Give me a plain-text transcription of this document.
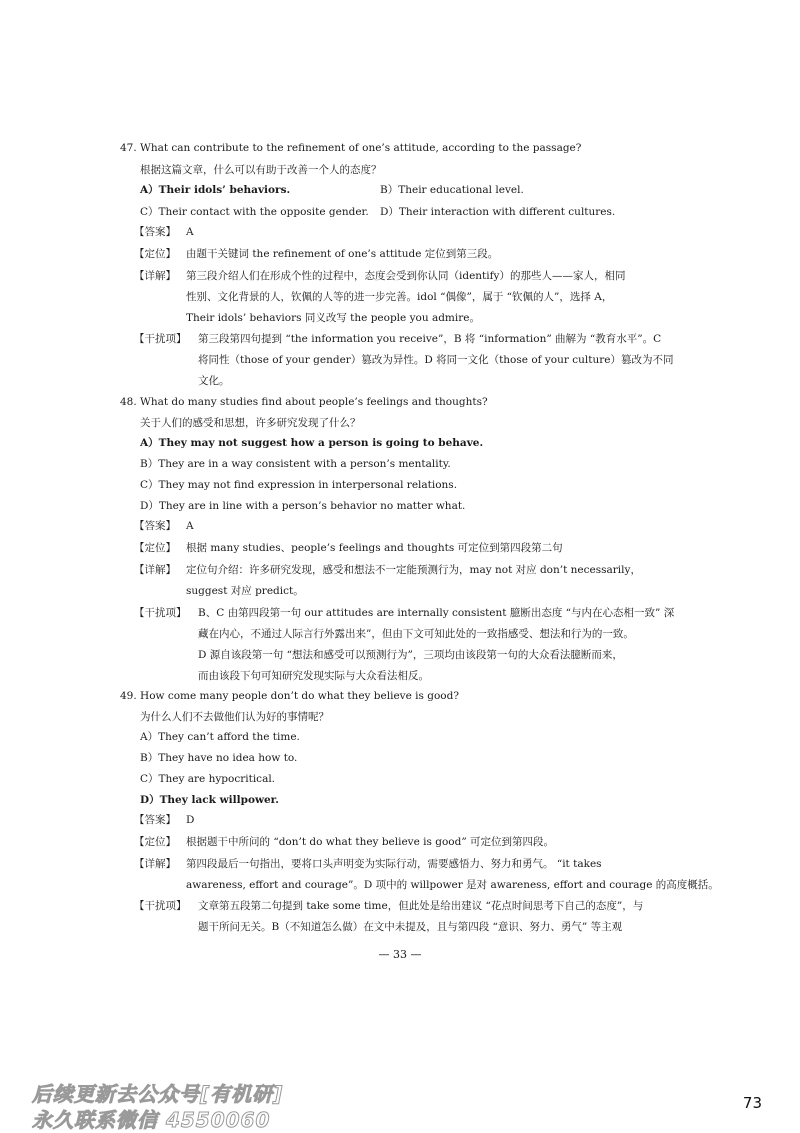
47. What can contribute to the refinement of one’s attitude, according to the passage?
根据这篇文章，什么可以有助于改善一个人的态度？
A）Their idols’ behaviors.	B）Their educational level.
C）Their contact with the opposite gender. D）Their interaction with different cultures.
【答案】 A
【定位】 由题干关键词 the refinement of one’s attitude 定位到第三段。
【详解】 第三段介绍人们在形成个性的过程中，态度会受到你认同（identify）的那些人——家人，相同
性别、文化背景的人，钦佩的人等的进一步完善。idol “偶像”，属于 “钦佩的人”，选择 A，
Their idols’ behaviors 同义改写 the people you admire。
【干扰项】 第三段第四句提到 “the information you receive”，B 将 “information” 曲解为 “教育水平”。C
将同性（those of your gender）篡改为异性。D 将同一文化（those of your culture）篡改为不同
文化。
48. What do many studies find about people’s feelings and thoughts?
关于人们的感受和思想，许多研究发现了什么？
A）They may not suggest how a person is going to behave.
B）They are in a way consistent with a person’s mentality.
C）They may not find expression in interpersonal relations.
D）They are in line with a person’s behavior no matter what.
【答案】 A
【定位】 根据 many studies、people’s feelings and thoughts 可定位到第四段第二句
【详解】 定位句介绍：许多研究发现，感受和想法不一定能预测行为，may not 对应 don’t necessarily，
suggest 对应 predict。
【干扰项】 B、C 由第四段第一句 our attitudes are internally consistent 臆断出态度 “与内在心态相一致” 深
藏在内心，不通过人际言行外露出来”，但由下文可知此处的一致指感受、想法和行为的一致。
D 源自该段第一句 “想法和感受可以预测行为”，三项均由该段第一句的大众看法臆断而来，
而由该段下句可知研究发现实际与大众看法相反。
49. How come many people don’t do what they believe is good?
为什么人们不去做他们认为好的事情呢？
A）They can’t afford the time.
B）They have no idea how to.
C）They are hypocritical.
D）They lack willpower.
【答案】 D
【定位】 根据题干中所问的 “don’t do what they believe is good” 可定位到第四段。
【详解】 第四段最后一句指出，要将口头声明变为实际行动，需要感悟力、努力和勇气。 “it takes
awareness, effort and courage”。D 项中的 willpower 是对 awareness, effort and courage 的高度概括。
【干扰项】 文章第五段第二句提到 take some time，但此处是给出建议 “花点时间思考下自己的态度”，与
题干所问无关。B（不知道怎么做）在文中未提及，且与第四段 “意识、努力、勇气” 等主观
— 33 —
73
后续更新去公众号[有机研]
永久联系微信 4550060
